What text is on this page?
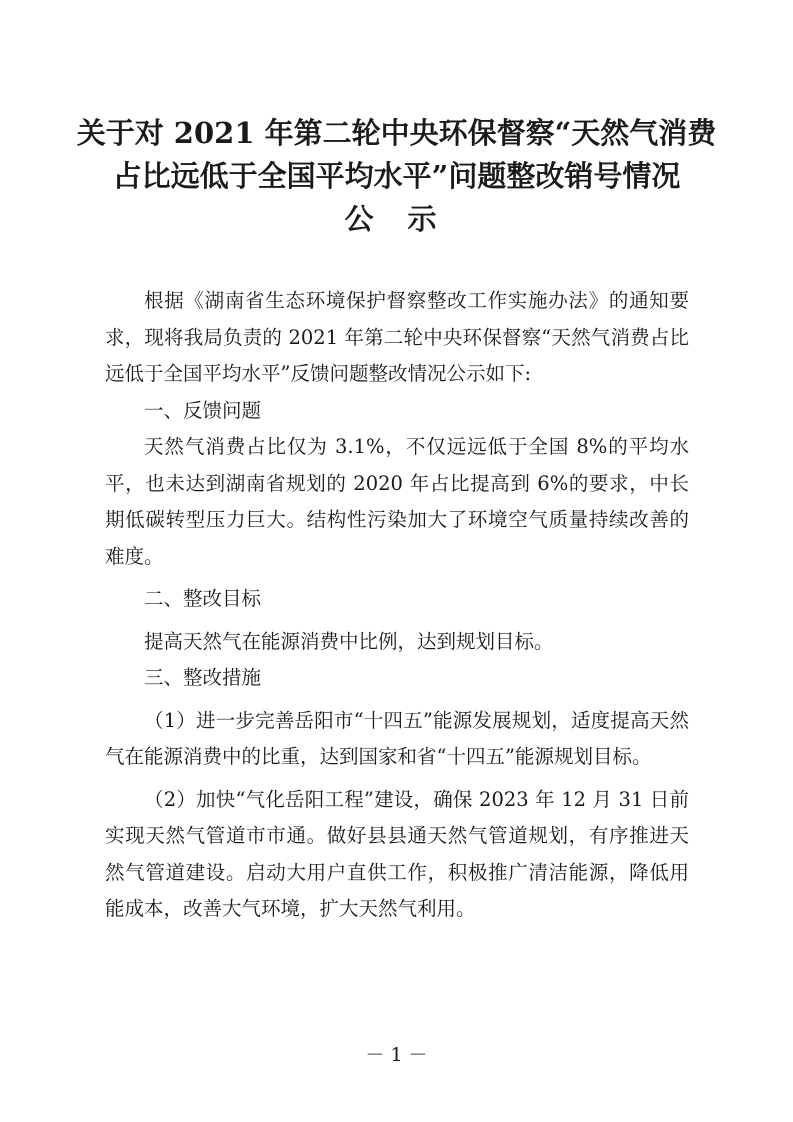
关于对 2021 年第二轮中央环保督察“天然气消费
占比远低于全国平均水平”问题整改销号情况
公 示

根据《湖南省生态环境保护督察整改工作实施办法》的通知要求，现将我局负责的 2021 年第二轮中央环保督察“天然气消费占比远低于全国平均水平”反馈问题整改情况公示如下:

一、反馈问题

天然气消费占比仅为 3.1%，不仅远远低于全国 8%的平均水平，也未达到湖南省规划的 2020 年占比提高到 6%的要求，中长期低碳转型压力巨大。结构性污染加大了环境空气质量持续改善的难度。

二、整改目标

提高天然气在能源消费中比例，达到规划目标。

三、整改措施

（1）进一步完善岳阳市“十四五”能源发展规划，适度提高天然气在能源消费中的比重，达到国家和省“十四五”能源规划目标。

（2）加快“气化岳阳工程”建设，确保 2023 年 12 月 31 日前实现天然气管道市市通。做好县县通天然气管道规划，有序推进天然气管道建设。启动大用户直供工作，积极推广清洁能源，降低用能成本，改善大气环境，扩大天然气利用。

－ 1 －
